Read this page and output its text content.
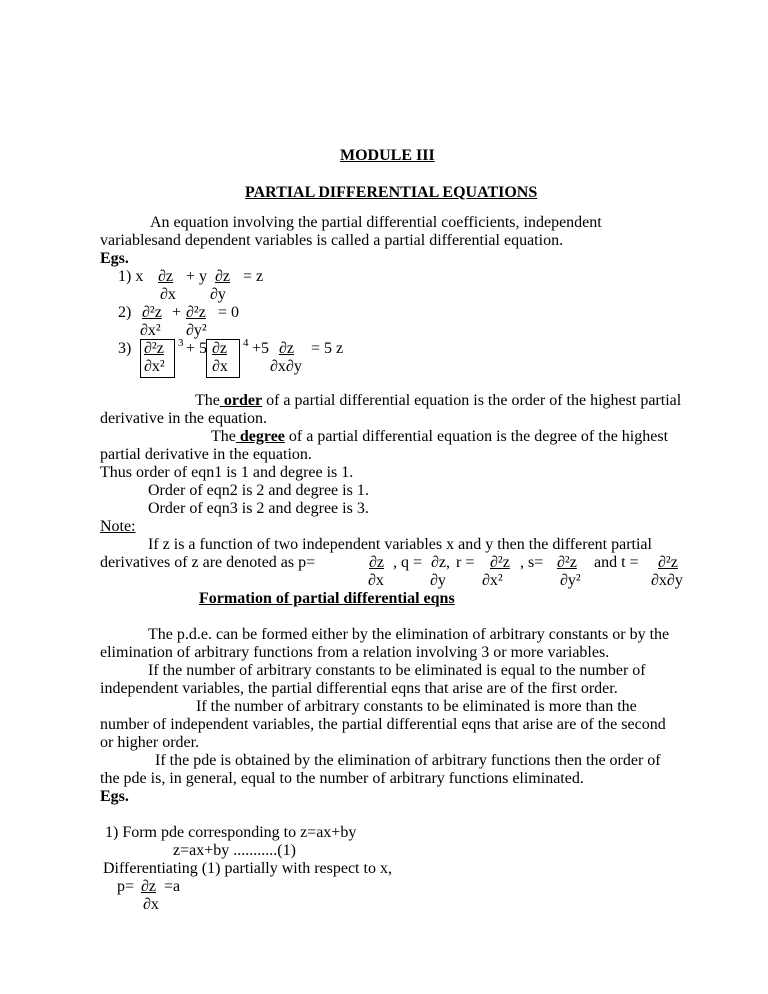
MODULE III
PARTIAL DIFFERENTIAL EQUATIONS
An equation involving the partial differential coefficients, independent
variablesand dependent variables is called a partial differential equation.
Egs.
1) x ∂z + y ∂z = z
∂x ∂y
2) ∂²z + ∂²z = 0
∂x² ∂y²
3) ∂²z 3 + 5 ∂z 4 +5 ∂z = 5 z
∂x²	∂x	∂x∂y
The order of a partial differential equation is the order of the highest partial
derivative in the equation.
The degree of a partial differential equation is the degree of the highest
partial derivative in the equation.
Thus order of eqn1 is 1 and degree is 1.
Order of eqn2 is 2 and degree is 1.
Order of eqn3 is 2 and degree is 3.
Note:
If z is a function of two independent variables x and y then the different partial
derivatives of z are denoted as p=	∂z , q = ∂z, r = ∂²z , s= ∂²z and t = ∂²z
∂x	∂y ∂x²	∂y²	∂x∂y
Formation of partial differential eqns
The p.d.e. can be formed either by the elimination of arbitrary constants or by the
elimination of arbitrary functions from a relation involving 3 or more variables.
If the number of arbitrary constants to be eliminated is equal to the number of
independent variables, the partial differential eqns that arise are of the first order.
If the number of arbitrary constants to be eliminated is more than the
number of independent variables, the partial differential eqns that arise are of the second
or higher order.
If the pde is obtained by the elimination of arbitrary functions then the order of
the pde is, in general, equal to the number of arbitrary functions eliminated.
Egs.
1) Form pde corresponding to z=ax+by
z=ax+by ...........(1)
Differentiating (1) partially with respect to x,
p= ∂z =a
∂x
